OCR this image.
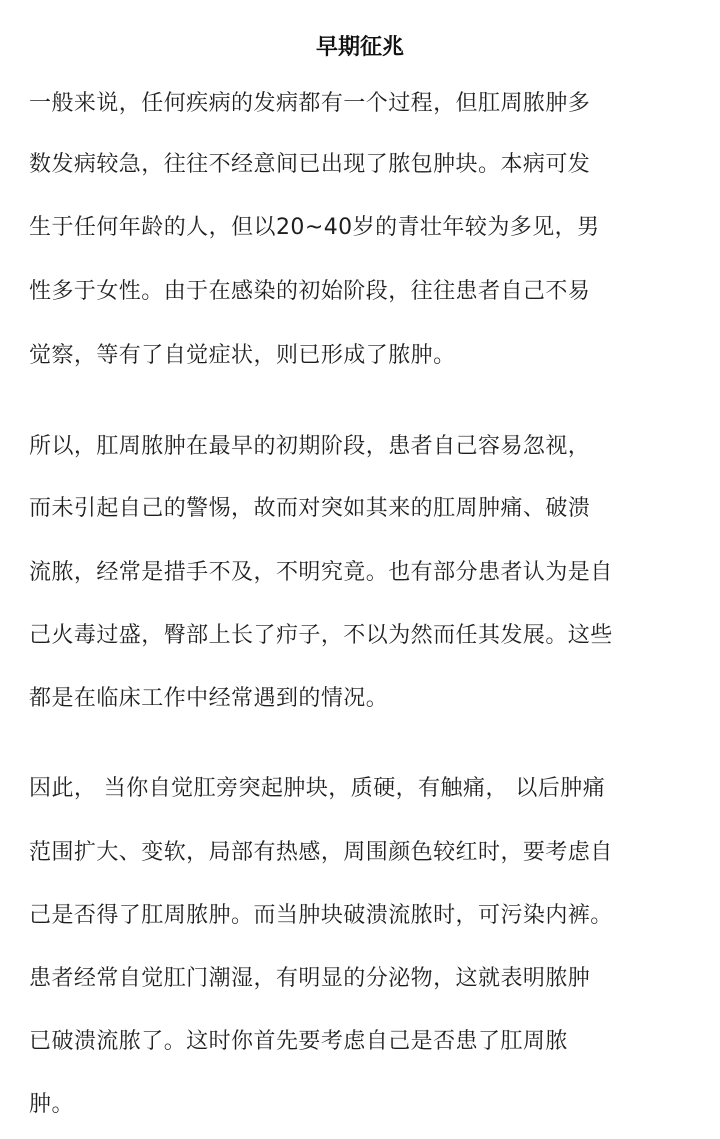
早期征兆
一般来说，任何疾病的发病都有一个过程，但肛周脓肿多
数发病较急，往往不经意间已出现了脓包肿块。本病可发
生于任何年龄的人，但以20~40岁的青壮年较为多见，男
性多于女性。由于在感染的初始阶段，往往患者自己不易
觉察，等有了自觉症状，则已形成了脓肿。
所以，肛周脓肿在最早的初期阶段，患者自己容易忽视，
而未引起自己的警惕，故而对突如其来的肛周肿痛、破溃
流脓，经常是措手不及，不明究竟。也有部分患者认为是自
己火毒过盛，臀部上长了疖子，不以为然而任其发展。这些
都是在临床工作中经常遇到的情况。
因此， 当你自觉肛旁突起肿块，质硬，有触痛， 以后肿痛
范围扩大、变软，局部有热感，周围颜色较红时，要考虑自
己是否得了肛周脓肿。而当肿块破溃流脓时，可污染内裤。
患者经常自觉肛门潮湿，有明显的分泌物，这就表明脓肿
已破溃流脓了。这时你首先要考虑自己是否患了肛周脓
肿。
